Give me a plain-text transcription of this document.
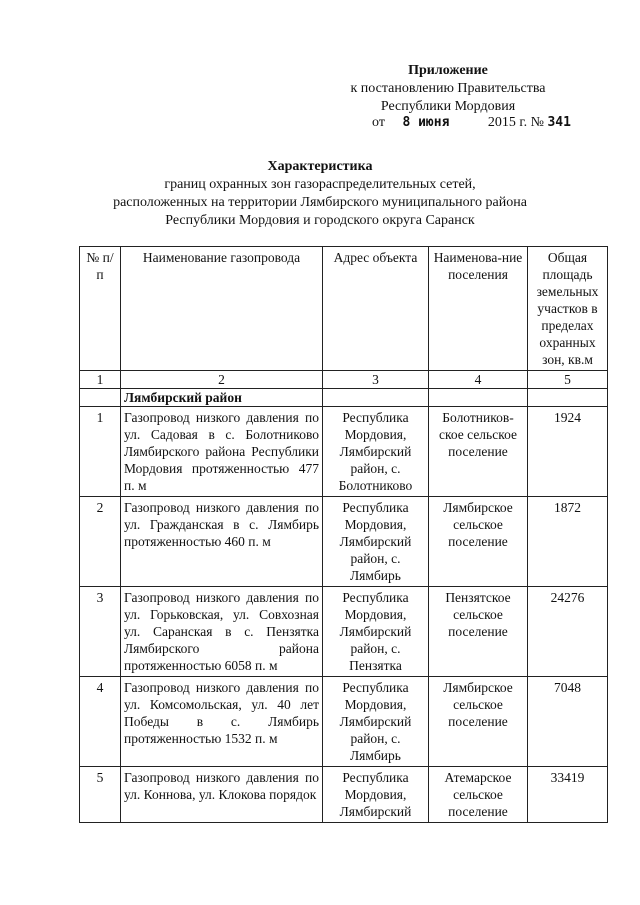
Приложение
к постановлению Правительства
Республики Мордовия
от 8 июня	2015 г. № 341
Характеристика
границ охранных зон газораспределительных сетей,
расположенных на территории Лямбирского муниципального района
Республики Мордовия и городского округа Саранск
№ п/п	Наименование газопровода	Адрес объекта	Наименова-ние поселения	Общая площадь земельных участков в пределах охранных зон, кв.м
1	2	3	4	5
	Лямбирский район			
1	Газопровод низкого давления по ул. Садовая в с. Болотниково Лямбирского района Республики Мордовия протяженностью 477 п. м	Республика Мордовия, Лямбирский район, с. Болотниково	Болотников-ское сельское поселение	1924
2	Газопровод низкого давления по ул. Гражданская в с. Лямбирь протяженностью 460 п. м	Республика Мордовия, Лямбирский район, с. Лямбирь	Лямбирское сельское поселение	1872
3	Газопровод низкого давления по ул. Горьковская, ул. Совхозная ул. Саранская в с. Пензятка Лямбирского района протяженностью 6058 п. м	Республика Мордовия, Лямбирский район, с. Пензятка	Пензятское сельское поселение	24276
4	Газопровод низкого давления по ул. Комсомольская, ул. 40 лет Победы в с. Лямбирь протяженностью 1532 п. м	Республика Мордовия, Лямбирский район, с. Лямбирь	Лямбирское сельское поселение	7048
5	Газопровод низкого давления по ул. Коннова, ул. Клокова порядок	Республика Мордовия, Лямбирский	Атемарское сельское поселение	33419
